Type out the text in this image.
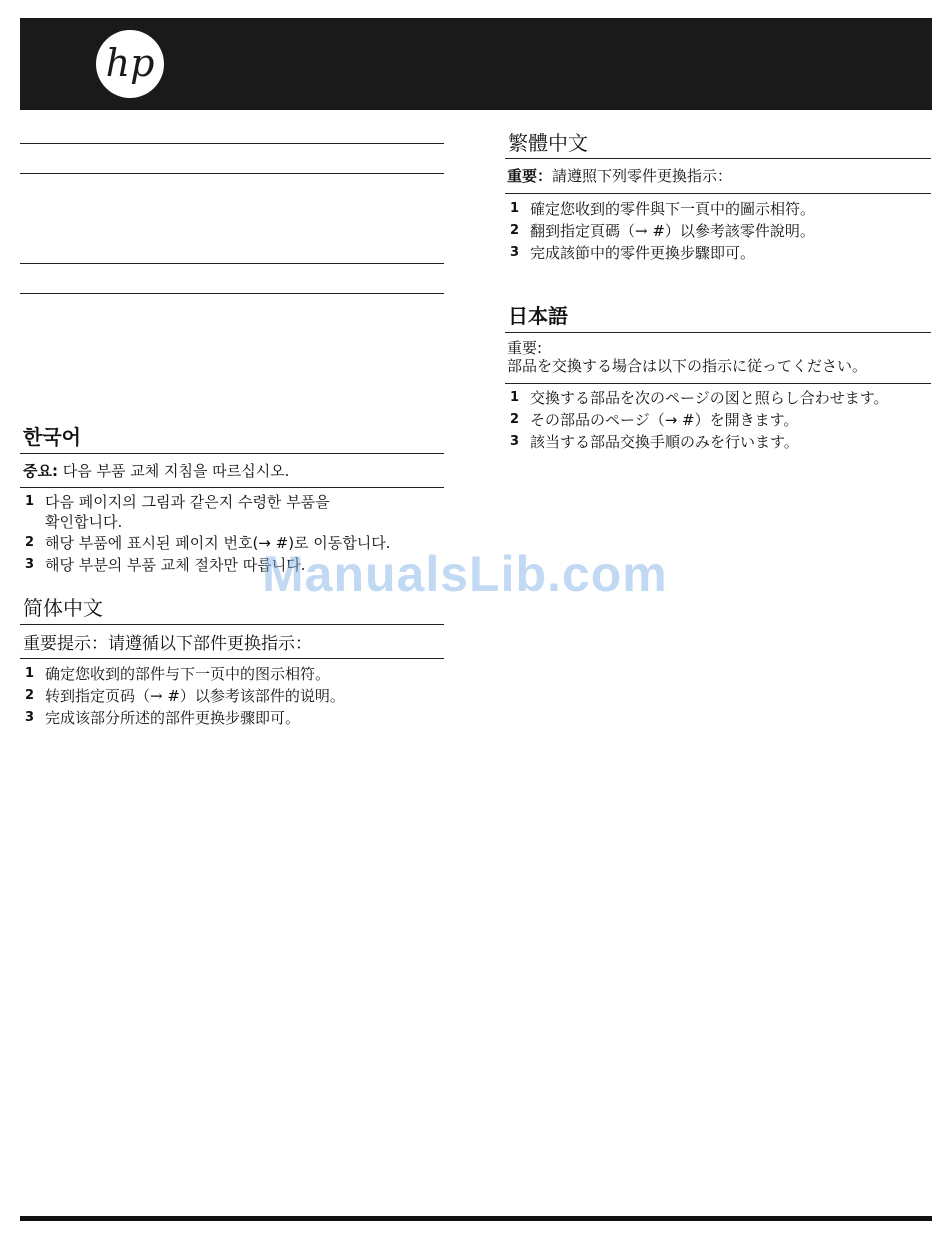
hp
한국어
중요: 다음 부품 교체 지침을 따르십시오.
1 다음 페이지의 그림과 같은지 수령한 부품을
확인합니다.
2 해당 부품에 표시된 페이지 번호(→ #)로 이동합니다.
3 해당 부분의 부품 교체 절차만 따릅니다.
简体中文
重要提示：请遵循以下部件更换指示：
1 确定您收到的部件与下一页中的图示相符。
2 转到指定页码（→ #）以参考该部件的说明。
3 完成该部分所述的部件更换步骤即可。
繁體中文
重要：請遵照下列零件更換指示：
1 確定您收到的零件與下一頁中的圖示相符。
2 翻到指定頁碼（→ #）以參考該零件說明。
3 完成該節中的零件更換步驟即可。
日本語
重要:
部品を交換する場合は以下の指示に従ってください。
1 交換する部品を次のページの図と照らし合わせます。
2 その部品のページ（→ #）を開きます。
3 該当する部品交換手順のみを行います。
ManualsLib.com
